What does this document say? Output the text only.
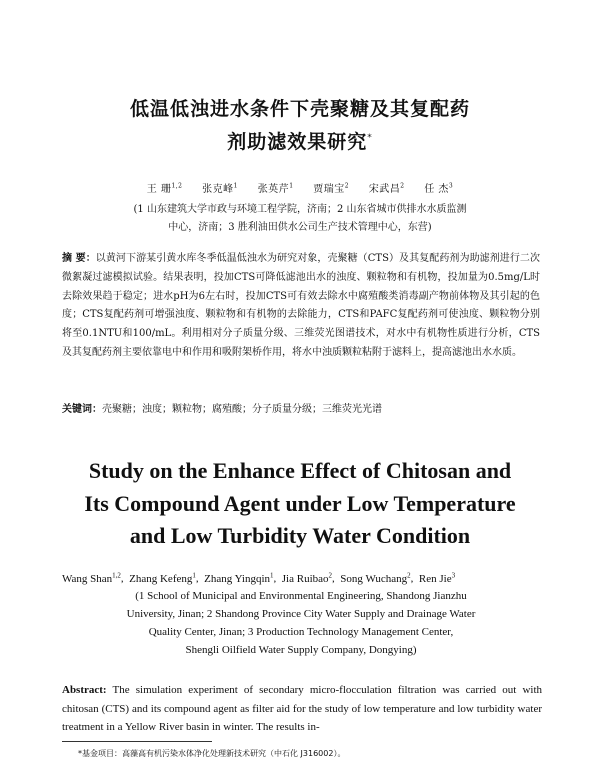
低温低浊进水条件下壳聚糖及其复配药
剂助滤效果研究*
王 珊$^{1,2}$ 张克峰$^1$ 张英芹$^1$ 贾瑞宝$^2$ 宋武昌$^2$ 任 杰$^3$
(1 山东建筑大学市政与环境工程学院，济南；2 山东省城市供排水水质监测
中心，济南；3 胜利油田供水公司生产技术管理中心，东营)
摘 要：以黄河下游某引黄水库冬季低温低浊水为研究对象，壳聚糖（CTS）及其复配药剂为助滤剂进行二次微絮凝过滤模拟试验。结果表明，投加CTS可降低滤池出水的浊度、颗粒物和有机物，投加量为0.5mg/L时去除效果趋于稳定；进水pH为6左右时，投加CTS可有效去除水中腐殖酸类消毒副产物前体物及其引起的色度；CTS复配药剂可增强浊度、颗粒物和有机物的去除能力，CTS和PAFC复配药剂可使浊度、颗粒物分别将至0.1NTU和100/mL。利用相对分子质量分级、三维荧光图谱技术，对水中有机物性质进行分析，CTS及其复配药剂主要依靠电中和作用和吸附架桥作用，将水中浊质颗粒粘附于滤料上，提高滤池出水水质。
关键词：壳聚糖；浊度；颗粒物；腐殖酸；分子质量分级；三维荧光光谱
Study on the Enhance Effect of Chitosan and
Its Compound Agent under Low Temperature
and Low Turbidity Water Condition
Wang Shan$^{1,2}$,  Zhang Kefeng$^1$,  Zhang Yingqin$^1$,  Jia Ruibao$^2$,  Song Wuchang$^2$,  Ren Jie$^3$
(1 School of Municipal and Environmental Engineering, Shandong Jianzhu
University, Jinan; 2 Shandong Province City Water Supply and Drainage Water
Quality Center, Jinan; 3 Production Technology Management Center,
Shengli Oilfield Water Supply Company, Dongying)
Abstract: The simulation experiment of secondary micro-flocculation filtration was carried out with chitosan (CTS) and its compound agent as filter aid for the study of low temperature and low turbidity water treatment in a Yellow River basin in winter. The results in-
*基金项目：高藻高有机污染水体净化处理新技术研究（中石化 J316002）。
